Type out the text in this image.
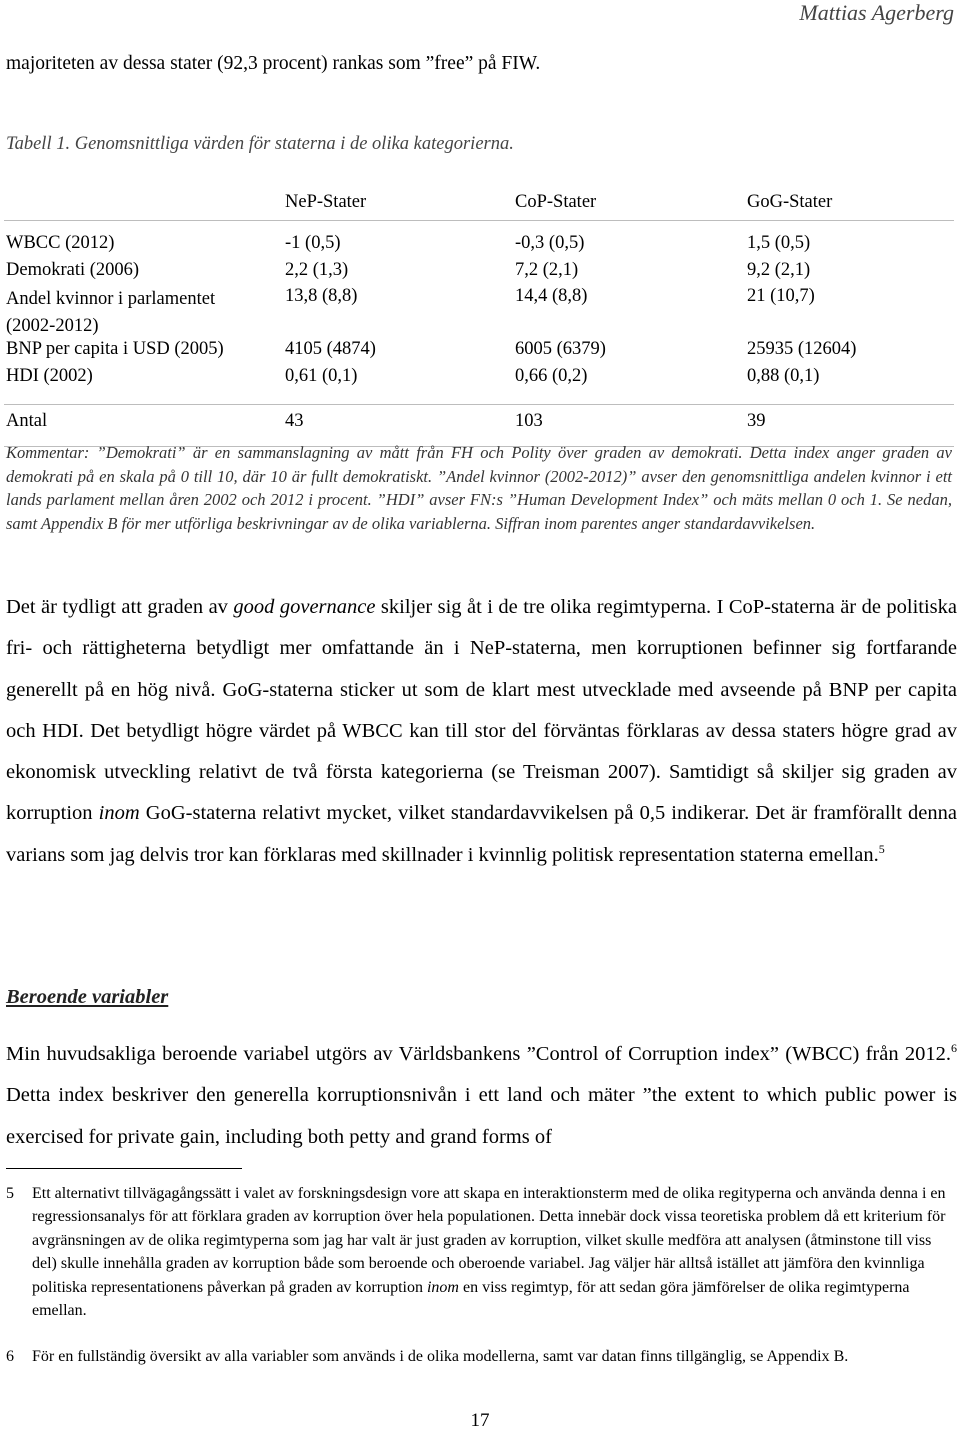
Mattias Agerberg
majoriteten av dessa stater (92,3 procent) rankas som ”free” på FIW.
Tabell 1. Genomsnittliga värden för staterna i de olika kategorierna.
	NeP-Stater	CoP-Stater	GoG-Stater

WBCC (2012)	-1 (0,5)	-0,3 (0,5)	1,5 (0,5)
Demokrati (2006)	2,2 (1,3)	7,2 (2,1)	9,2 (2,1)

Andel kvinnor i parlamentet
(2002-2012)	13,8 (8,8)	14,4 (8,8)	21 (10,7)
BNP per capita i USD (2005)	4105 (4874)	6005 (6379)	25935 (12604)
HDI (2002)	0,61 (0,1)	0,66 (0,2)	0,88 (0,1)

Antal	43	103	39
Kommentar: ”Demokrati” är en sammanslagning av mått från FH och Polity över graden av demokrati. Detta index anger graden av demokrati på en skala på 0 till 10, där 10 är fullt demokratiskt. ”Andel kvinnor (2002-2012)” avser den genomsnittliga andelen kvinnor i ett lands parlament mellan åren 2002 och 2012 i procent. ”HDI” avser FN:s ”Human Development Index” och mäts mellan 0 och 1. Se nedan, samt Appendix B för mer utförliga beskrivningar av de olika variablerna. Siffran inom parentes anger standardavvikelsen.

Det är tydligt att graden av good governance skiljer sig åt i de tre olika regimtyperna. I CoP-staterna är de politiska fri- och rättigheterna betydligt mer omfattande än i NeP-staterna, men korruptionen befinner sig fortfarande generellt på en hög nivå. GoG-staterna sticker ut som de klart mest utvecklade med avseende på BNP per capita och HDI. Det betydligt högre värdet på WBCC kan till stor del förväntas förklaras av dessa staters högre grad av ekonomisk utveckling relativt de två första kategorierna (se Treisman 2007). Samtidigt så skiljer sig graden av korruption inom GoG-staterna relativt mycket, vilket standardavvikelsen på 0,5 indikerar. Det är framförallt denna varians som jag delvis tror kan förklaras med skillnader i kvinnlig politisk representation staterna emellan.$^5$

Beroende variabler

Min huvudsakliga beroende variabel utgörs av Världsbankens ”Control of Corruption index” (WBCC) från 2012.$^6$ Detta index beskriver den generella korruptionsnivån i ett land och mäter ”the extent to which public power is exercised for private gain, including both petty and grand forms of

5 Ett alternativt tillvägagångssätt i valet av forskningsdesign vore att skapa en interaktionsterm med de olika regityperna och använda denna i en regressionsanalys för att förklara graden av korruption över hela populationen. Detta innebär dock vissa teoretiska problem då ett kriterium för avgränsningen av de olika regimtyperna som jag har valt är just graden av korruption, vilket skulle medföra att analysen (åtminstone till viss del) skulle innehålla graden av korruption både som beroende och oberoende variabel. Jag väljer här alltså istället att jämföra den kvinnliga politiska representationens påverkan på graden av korruption inom en viss regimtyp, för att sedan göra jämförelser de olika regimtyperna emellan.
6 För en fullständig översikt av alla variabler som används i de olika modellerna, samt var datan finns tillgänglig, se Appendix B.
17
